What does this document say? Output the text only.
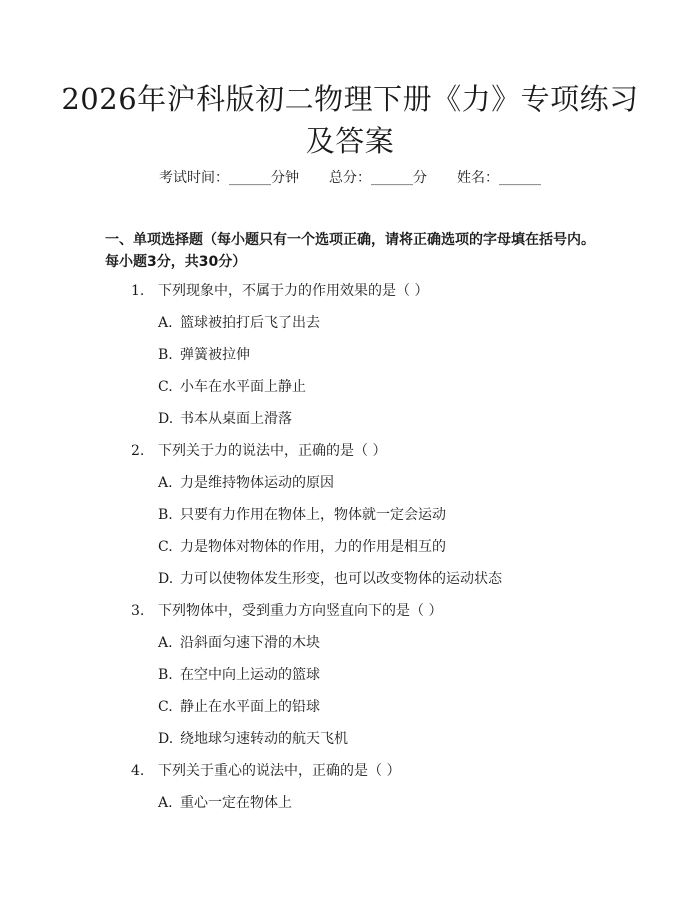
2026年沪科版初二物理下册《力》专项练习及答案
考试时间：______分钟 总分：______分 姓名：______
一、单项选择题（每小题只有一个选项正确，请将正确选项的字母填在括号内。每小题3分，共30分）
1. 下列现象中，不属于力的作用效果的是（ ）
A. 篮球被拍打后飞了出去
B. 弹簧被拉伸
C. 小车在水平面上静止
D. 书本从桌面上滑落
2. 下列关于力的说法中，正确的是（ ）
A. 力是维持物体运动的原因
B. 只要有力作用在物体上，物体就一定会运动
C. 力是物体对物体的作用，力的作用是相互的
D. 力可以使物体发生形变，也可以改变物体的运动状态
3. 下列物体中，受到重力方向竖直向下的是（ ）
A. 沿斜面匀速下滑的木块
B. 在空中向上运动的篮球
C. 静止在水平面上的铅球
D. 绕地球匀速转动的航天飞机
4. 下列关于重心的说法中，正确的是（ ）
A. 重心一定在物体上
